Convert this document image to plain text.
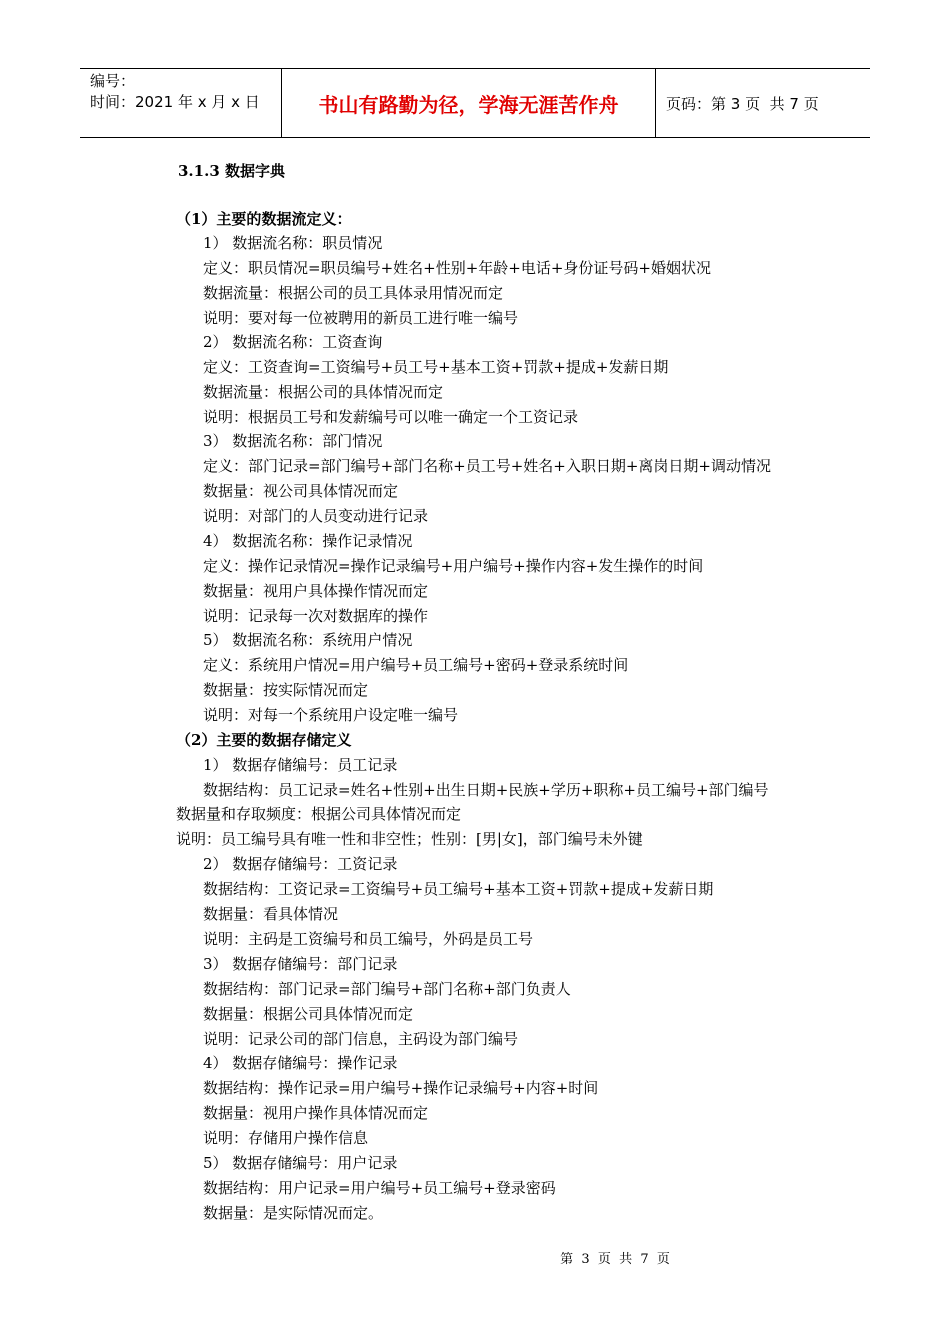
编号：
时间：2021 年 x 月 x 日	书山有路勤为径，学海无涯苦作舟	页码：第 3 页  共 7 页
3.1.3 数据字典
（1）主要的数据流定义：
1） 数据流名称：职员情况
定义：职员情况=职员编号+姓名+性别+年龄+电话+身份证号码+婚姻状况
数据流量：根据公司的员工具体录用情况而定
说明：要对每一位被聘用的新员工进行唯一编号
2） 数据流名称：工资查询
定义：工资查询=工资编号+员工号+基本工资+罚款+提成+发薪日期
数据流量：根据公司的具体情况而定
说明：根据员工号和发薪编号可以唯一确定一个工资记录
3） 数据流名称：部门情况
定义：部门记录=部门编号+部门名称+员工号+姓名+入职日期+离岗日期+调动情况
数据量：视公司具体情况而定
说明：对部门的人员变动进行记录
4） 数据流名称：操作记录情况
定义：操作记录情况=操作记录编号+用户编号+操作内容+发生操作的时间
数据量：视用户具体操作情况而定
说明：记录每一次对数据库的操作
5） 数据流名称：系统用户情况
定义：系统用户情况=用户编号+员工编号+密码+登录系统时间
数据量：按实际情况而定
说明：对每一个系统用户设定唯一编号
（2）主要的数据存储定义
1） 数据存储编号：员工记录
数据结构：员工记录=姓名+性别+出生日期+民族+学历+职称+员工编号+部门编号
数据量和存取频度：根据公司具体情况而定
说明：员工编号具有唯一性和非空性；性别：[男|女]，部门编号未外键
2） 数据存储编号：工资记录
数据结构：工资记录=工资编号+员工编号+基本工资+罚款+提成+发薪日期
数据量：看具体情况
说明：主码是工资编号和员工编号，外码是员工号
3） 数据存储编号：部门记录
数据结构：部门记录=部门编号+部门名称+部门负责人
数据量：根据公司具体情况而定
说明：记录公司的部门信息，主码设为部门编号
4） 数据存储编号：操作记录
数据结构：操作记录=用户编号+操作记录编号+内容+时间
数据量：视用户操作具体情况而定
说明：存储用户操作信息
5） 数据存储编号：用户记录
数据结构：用户记录=用户编号+员工编号+登录密码
数据量：是实际情况而定。
第  3  页  共  7  页
